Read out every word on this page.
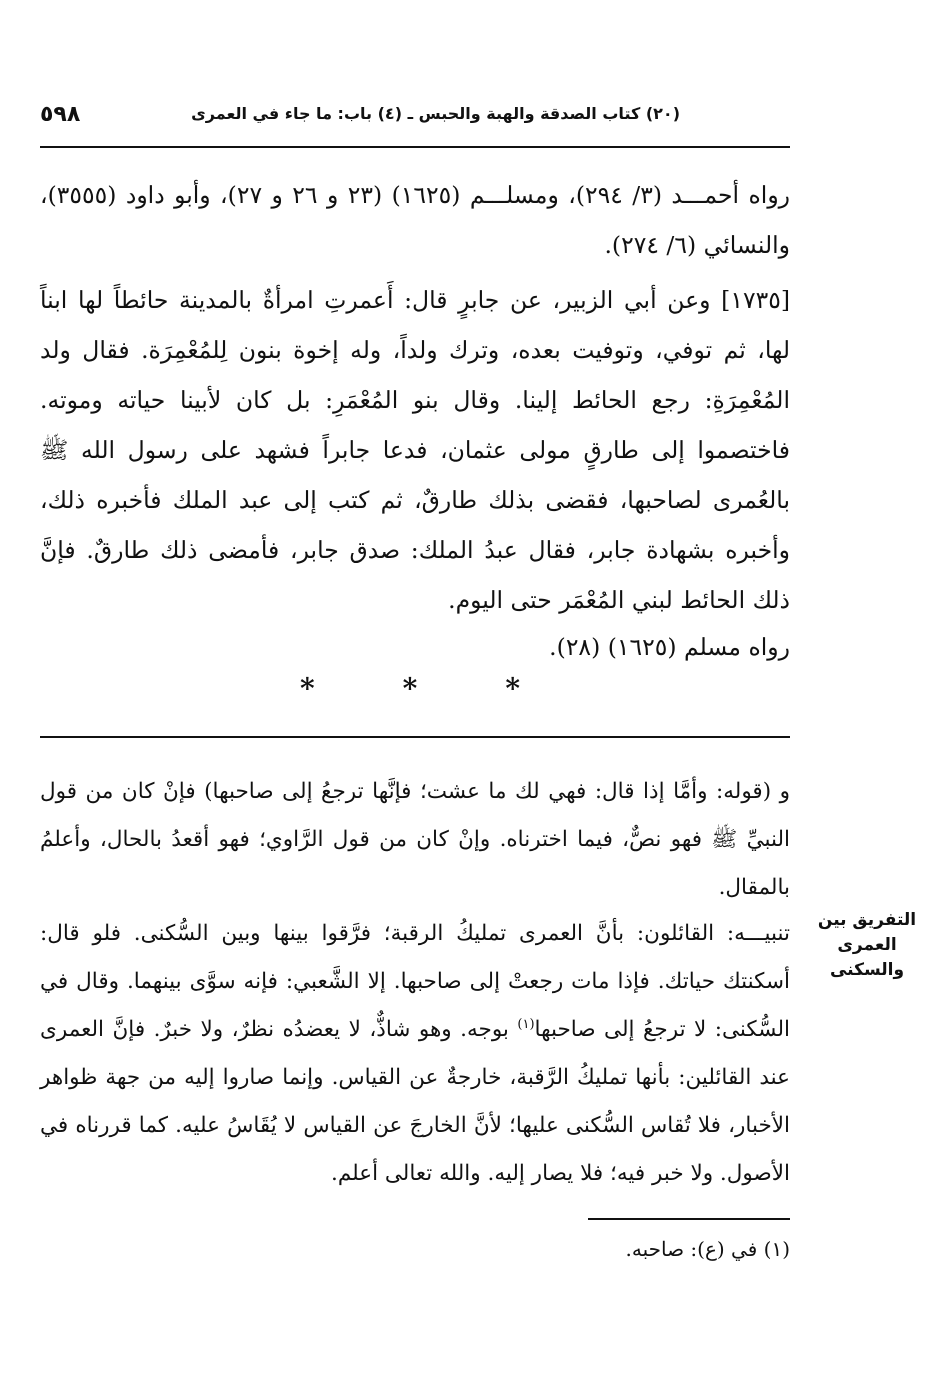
٥٩٨	(٢٠) كتاب الصدقة والهبة والحبس ـ (٤) باب: ما جاء في العمرى
رواه أحمـــد (٣/ ٢٩٤)، ومسلـــم (١٦٢٥) (٢٣ و ٢٦ و ٢٧)، وأبو داود (٣٥٥٥)، والنسائي (٦/ ٢٧٤).
[١٧٣٥] وعن أبي الزبير، عن جابرٍ قال: أَعمرتِ امرأةٌ بالمدينة حائطاً لها ابناً لها، ثم توفي، وتوفيت بعده، وترك ولداً، وله إخوة بنون لِلمُعْمِرَة. فقال ولد المُعْمِرَةِ: رجع الحائط إلينا. وقال بنو المُعْمَرِ: بل كان لأبينا حياته وموته. فاختصموا إلى طارقٍ مولى عثمان، فدعا جابراً فشهد على رسول الله ﷺ بالعُمرى لصاحبها، فقضى بذلك طارقٌ، ثم كتب إلى عبد الملك فأخبره ذلك، وأخبره بشهادة جابر، فقال عبدُ الملك: صدق جابر، فأمضى ذلك طارقٌ. فإنَّ ذلك الحائط لبني المُعْمَر حتى اليوم.
رواه مسلم (١٦٢٥) (٢٨).
*	*	*
و (قوله: وأمَّا إذا قال: فهي لك ما عشت؛ فإنَّها ترجعُ إلى صاحبها) فإنْ كان من قول النبيِّ ﷺ فهو نصٌّ، فيما اخترناه. وإنْ كان من قول الرَّاوي؛ فهو أقعدُ بالحال، وأعلمُ بالمقال.
تنبيـــه: القائلون: بأنَّ العمرى تمليكُ الرقبة؛ فرَّقوا بينها وبين السُّكنى. فلو قال: أسكنتك حياتك. فإذا مات رجعتْ إلى صاحبها. إلا الشَّعبي: فإنه سوَّى بينهما. وقال في السُّكنى: لا ترجعُ إلى صاحبها$^{(١)}$ بوجه. وهو شاذٌّ، لا يعضدُه نظرٌ، ولا خبرٌ. فإنَّ العمرى عند القائلين: بأنها تمليكُ الرَّقبة، خارجةٌ عن القياس. وإنما صاروا إليه من جهة ظواهر الأخبار، فلا تُقاس السُّكنى عليها؛ لأنَّ الخارجَ عن القياس لا يُقَاسُ عليه. كما قررناه في الأصول. ولا خبر فيه؛ فلا يصار إليه. والله تعالى أعلم.
التفريق بين
العمرى
والسكنى
(١) في (ع): صاحبه.
